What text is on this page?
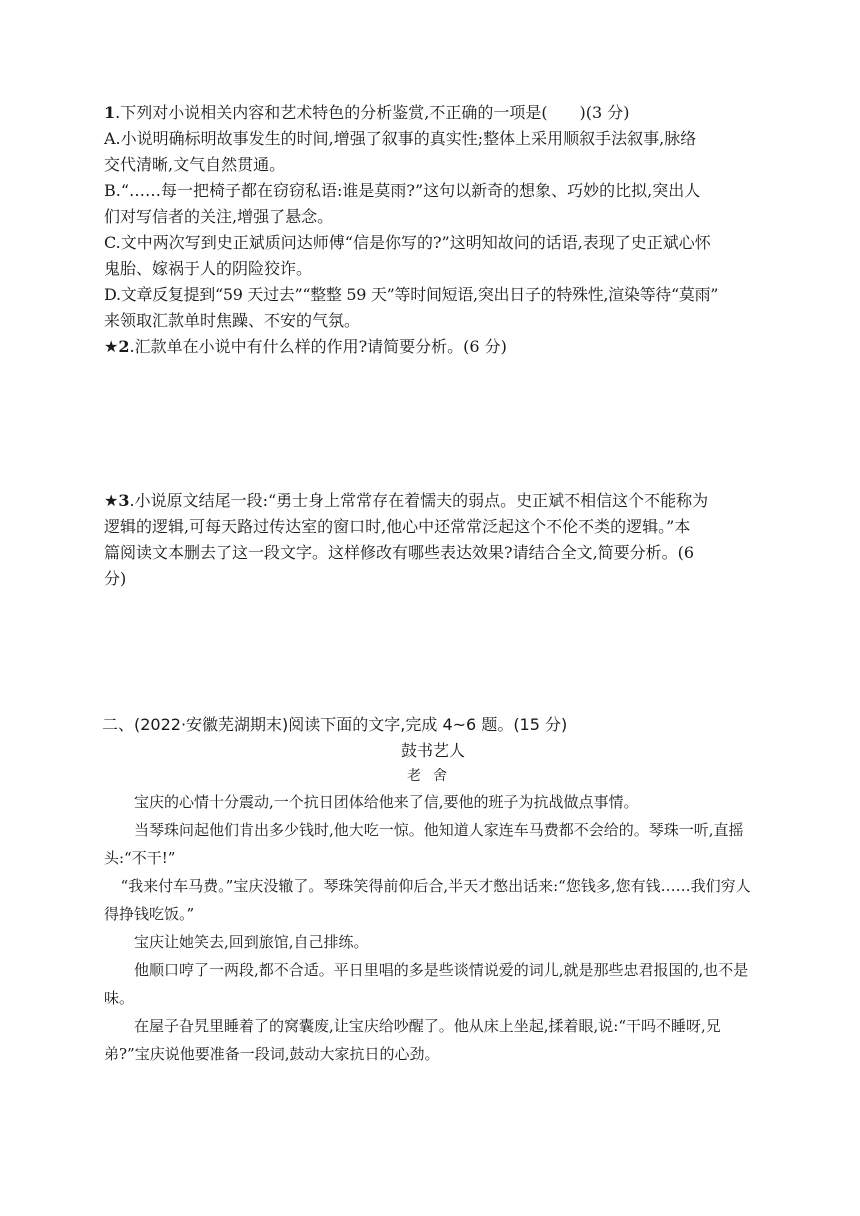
1.下列对小说相关内容和艺术特色的分析鉴赏,不正确的一项是(　　)(3 分)
A.小说明确标明故事发生的时间,增强了叙事的真实性;整体上采用顺叙手法叙事,脉络
交代清晰,文气自然贯通。
B.“……每一把椅子都在窃窃私语:谁是莫雨?”这句以新奇的想象、巧妙的比拟,突出人
们对写信者的关注,增强了悬念。
C.文中两次写到史正斌质问达师傅“信是你写的?”这明知故问的话语,表现了史正斌心怀
鬼胎、嫁祸于人的阴险狡诈。
D.文章反复提到“59 天过去”“整整 59 天”等时间短语,突出日子的特殊性,渲染等待“莫雨”
来领取汇款单时焦躁、不安的气氛。
★2.汇款单在小说中有什么样的作用?请简要分析。(6 分)
★3.小说原文结尾一段:“勇士身上常常存在着懦夫的弱点。史正斌不相信这个不能称为
逻辑的逻辑,可每天路过传达室的窗口时,他心中还常常泛起这个不伦不类的逻辑。”本
篇阅读文本删去了这一段文字。这样修改有哪些表达效果?请结合全文,简要分析。(6
分)
二、(2022·安徽芜湖期末)阅读下面的文字,完成 4~6 题。(15 分)
鼓书艺人
老舍

宝庆的心情十分震动,一个抗日团体给他来了信,要他的班子为抗战做点事情。

当琴珠问起他们肯出多少钱时,他大吃一惊。他知道人家连车马费都不会给的。琴珠一听,直摇头:“不干!”

“我来付车马费。”宝庆没辙了。琴珠笑得前仰后合,半天才憋出话来:“您钱多,您有钱……我们穷人得挣钱吃饭。”

宝庆让她笑去,回到旅馆,自己排练。

他顺口哼了一两段,都不合适。平日里唱的多是些谈情说爱的词儿,就是那些忠君报国的,也不是味。

在屋子旮旯里睡着了的窝囊废,让宝庆给吵醒了。他从床上坐起,揉着眼,说:“干吗不睡呀,兄弟?”宝庆说他要准备一段词,鼓动大家抗日的心劲。
